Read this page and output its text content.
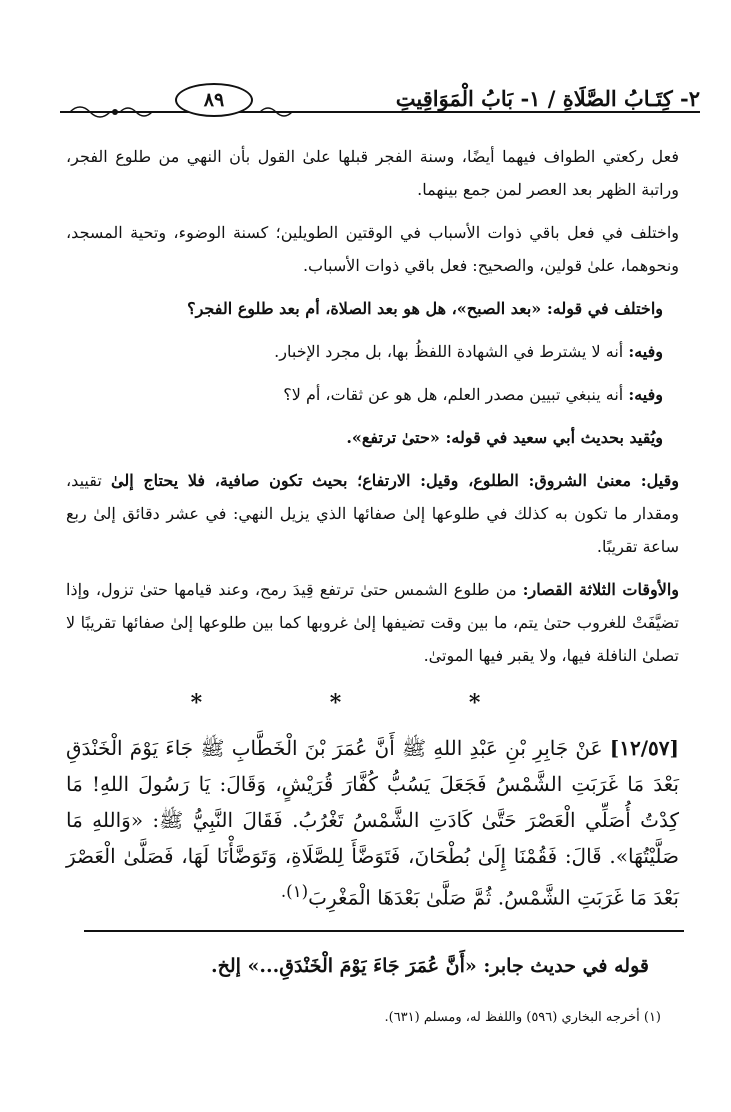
٨٩	٢- كِتَـابُ الصَّلَاةِ / ١- بَابُ الْمَوَاقِيتِ

فعل ركعتي الطواف فيهما أيضًا، وسنة الفجر قبلها علىٰ القول بأن النهي من طلوع الفجر، وراتبة الظهر بعد العصر لمن جمع بينهما.

واختلف في فعل باقي ذوات الأسباب في الوقتين الطويلين؛ كسنة الوضوء، وتحية المسجد، ونحوهما، علىٰ قولين، والصحيح: فعل باقي ذوات الأسباب.

واختلف في قوله: «بعد الصبح»، هل هو بعد الصلاة، أم بعد طلوع الفجر؟

وفيه: أنه لا يشترط في الشهادة اللفظُ بها، بل مجرد الإخبار.

وفيه: أنه ينبغي تبيين مصدر العلم، هل هو عن ثقات، أم لا؟

ويُقيد بحديث أبي سعيد في قوله: «حتىٰ ترتفع».

وقيل: معنىٰ الشروق: الطلوع، وقيل: الارتفاع؛ بحيث تكون صافية، فلا يحتاج إلىٰ تقييد، ومقدار ما تكون به كذلك في طلوعها إلىٰ صفائها الذي يزيل النهي: في عشر دقائق إلىٰ ربع ساعة تقريبًا.

والأوقات الثلاثة القصار: من طلوع الشمس حتىٰ ترتفع قِيدَ رمح، وعند قيامها حتىٰ تزول، وإذا تضيَّفَتْ للغروب حتىٰ يتم، ما بين وقت تضيفها إلىٰ غروبها كما بين طلوعها إلىٰ صفائها تقريبًا لا تصلىٰ النافلة فيها، ولا يقبر فيها الموتىٰ.

* * *
[١٢/٥٧] عَنْ جَابِرِ بْنِ عَبْدِ اللهِ ﷺ أَنَّ عُمَرَ بْنَ الْخَطَّابِ ﷺ جَاءَ يَوْمَ الْخَنْدَقِ بَعْدَ مَا غَرَبَتِ الشَّمْسُ فَجَعَلَ يَسُبُّ كُفَّارَ قُرَيْشٍ، وَقَالَ: يَا رَسُولَ اللهِ! مَا كِدْتُ أُصَلِّي الْعَصْرَ حَتَّىٰ كَادَتِ الشَّمْسُ تَغْرُبُ. فَقَالَ النَّبِيُّ ﷺ: «وَاللهِ مَا صَلَّيْتُهَا». قَالَ: فَقُمْنَا إِلَىٰ بُطْحَانَ، فَتَوَضَّأَ لِلصَّلَاةِ، وَتَوَضَّأْنَا لَهَا، فَصَلَّىٰ الْعَصْرَ بَعْدَ مَا غَرَبَتِ الشَّمْسُ. ثُمَّ صَلَّىٰ بَعْدَهَا الْمَغْرِبَ$^{(١).}$
قوله في حديث جابر: «أَنَّ عُمَرَ جَاءَ يَوْمَ الْخَنْدَقِ...» إلخ.
(١) أخرجه البخاري (٥٩٦) واللفظ له، ومسلم (٦٣١).
